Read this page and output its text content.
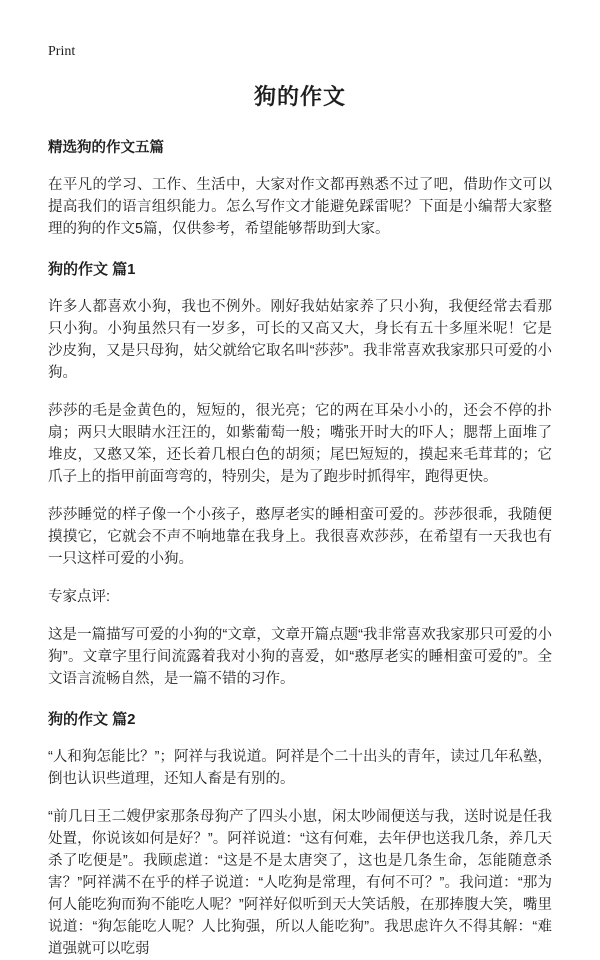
Print
狗的作文
精选狗的作文五篇

在平凡的学习、工作、生活中，大家对作文都再熟悉不过了吧，借助作文可以提高我们的语言组织能力。怎么写作文才能避免踩雷呢？下面是小编帮大家整理的狗的作文5篇，仅供参考，希望能够帮助到大家。

狗的作文 篇1

许多人都喜欢小狗，我也不例外。刚好我姑姑家养了只小狗，我便经常去看那只小狗。小狗虽然只有一岁多，可长的又高又大，身长有五十多厘米呢！它是沙皮狗，又是只母狗，姑父就给它取名叫“莎莎”。我非常喜欢我家那只可爱的小狗。

莎莎的毛是金黄色的，短短的，很光亮；它的两在耳朵小小的，还会不停的扑扇；两只大眼睛水汪汪的，如紫葡萄一般；嘴张开时大的吓人；腮帮上面堆了堆皮，又憨又笨，还长着几根白色的胡须；尾巴短短的，摸起来毛茸茸的；它爪子上的指甲前面弯弯的，特别尖，是为了跑步时抓得牢，跑得更快。

莎莎睡觉的样子像一个小孩子，憨厚老实的睡相蛮可爱的。莎莎很乖，我随便摸摸它，它就会不声不响地靠在我身上。我很喜欢莎莎，在希望有一天我也有一只这样可爱的小狗。

专家点评:

这是一篇描写可爱的小狗的“文章，文章开篇点题“我非常喜欢我家那只可爱的小狗”。文章字里行间流露着我对小狗的喜爱，如“憨厚老实的睡相蛮可爱的”。全文语言流畅自然，是一篇不错的习作。

狗的作文 篇2

“人和狗怎能比？”；阿祥与我说道。阿祥是个二十出头的青年，读过几年私塾，倒也认识些道理，还知人畜是有别的。

“前几日王二嫂伊家那条母狗产了四头小崽，闲太吵闹便送与我，送时说是任我处置，你说该如何是好？”。阿祥说道：“这有何难，去年伊也送我几条，养几天杀了吃便是”。我顾虑道：“这是不是太唐突了，这也是几条生命，怎能随意杀害？”阿祥满不在乎的样子说道：“人吃狗是常理，有何不可？”。我问道：“那为何人能吃狗而狗不能吃人呢？”阿祥好似听到天大笑话般，在那捧腹大笑，嘴里说道：“狗怎能吃人呢？人比狗强，所以人能吃狗”。我思虑许久不得其解：“难道强就可以吃弱
